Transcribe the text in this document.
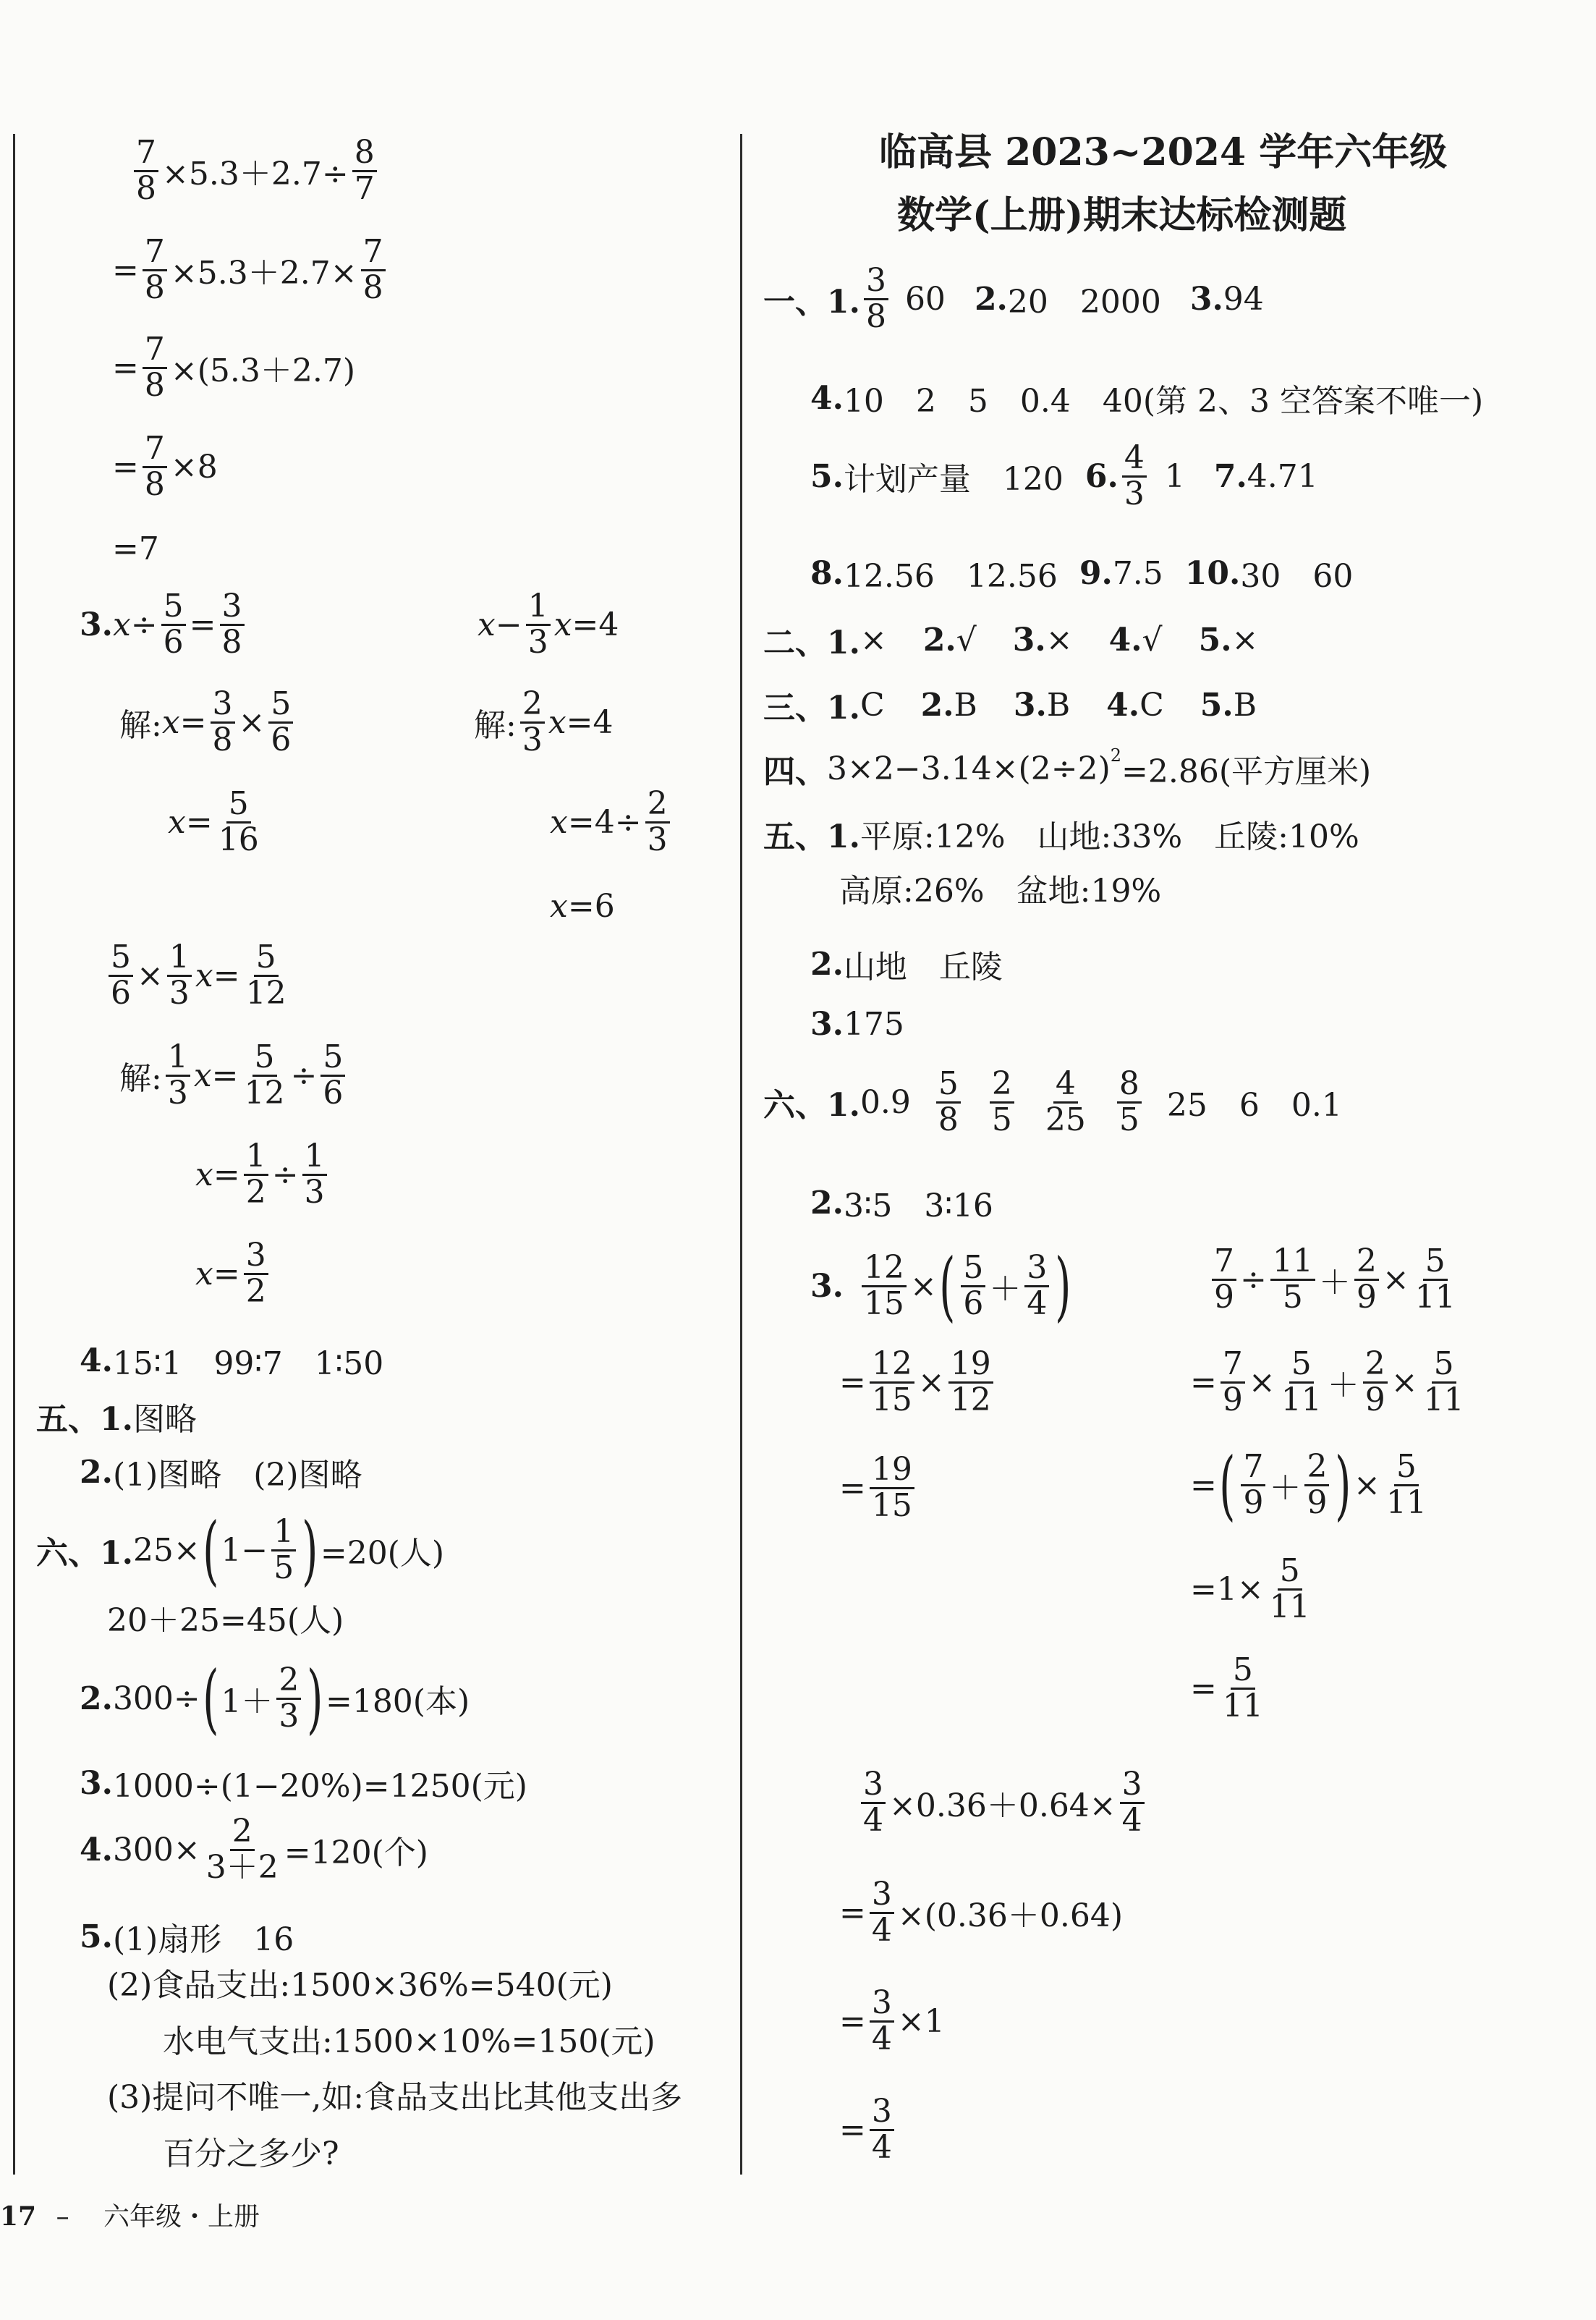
$\frac{7}{8} \times 5.3+2.7\div \frac{8}{7}$
= $\frac{7}{8} \times 5.3+2.7\times \frac{7}{8}$
= $\frac{7}{8} \times(5.3+2.7)$
= $\frac{7}{8} \times 8$
=7
3. $x \div \frac{5}{6} = \frac{3}{8}$
解: $x = \frac{3}{8} \times \frac{5}{6}$
$x = \frac{5}{16}$
$x - \frac{1}{3}$ x =4
解:
2
3 x =4
$x =4\div \frac{2}{3}$
x =6
$\frac{5}{6} \times \frac{1}{3}$ $x = \frac{5}{12}$
解:
1
3 $x = \frac{5}{12} \div \frac{5}{6}$
$x = \frac{1}{2} \div \frac{1}{3}$
$x = \frac{3}{2}$
4. 15∶1　99∶7　1∶50
五、1. 图略
2. (1)图略　(2)图略
六、1. 25× ( $1- \frac{1}{5}$ ) =20(人)
20＋25=45(人)
2. 300÷ ( 1＋
2
3 ) =180(本)
3. 1000÷(1−20%)=1250(元)
4. $300\times \frac{2}{3+2} =120$(个)
5. (1)扇形　16
(2)食品支出:1500×36%=540(元)
水电气支出:1500×10%=150(元)
(3)提问不唯一,如:食品支出比其他支出多
百分之多少?
临高县 2023~2024 学年六年级
数学(上册)期末达标检测题
一、1.
3
8 60 2. 20　2000 3. 94
4. 10　2　5　0.4　40(第 2、3 空答案不唯一)
5. 计划产量　120 6.
4
3 1 7. 4.71
8. 12.56　12.56 9. 7.5 10. 30　60
二、1. × 2. √ 3. × 4. √ 5. ×
三、1. C 2. B 3. B 4. C 5. B
四、 $3\times 2-3.14\times(2\div 2)^2 =2.86$(平方厘米)
五、1. 平原:12%　山地:33%　丘陵:10%
高原:26%　盆地:19%
2. 山地　丘陵
3. 175
六、1. 0.9
5
8
2
5
4
25
8
5 25　6　0.1
2. 3∶5　3∶16
3. $\frac{12}{15}$ × ( 5
6 ＋
3
4 )
= $\frac{12}{15} \times \frac{19}{12}$
= $\frac{19}{15}$
$\frac{7}{9} \div \frac{11}{5} + \frac{2}{9} \times \frac{5}{11}$
= $\frac{7}{9} \times \frac{5}{11} + \frac{2}{9} \times \frac{5}{11}$
= ( 7
9 ＋
2
9 ) × $\frac{5}{11}$
$=1\times \frac{5}{11}$
= $\frac{5}{11}$
$\frac{3}{4} \times 0.36+0.64\times \frac{3}{4}$
= $\frac{3}{4} \times(0.36+0.64)$
= $\frac{3}{4} \times 1$
= $\frac{3}{4}$
17 – 六年级・上册
